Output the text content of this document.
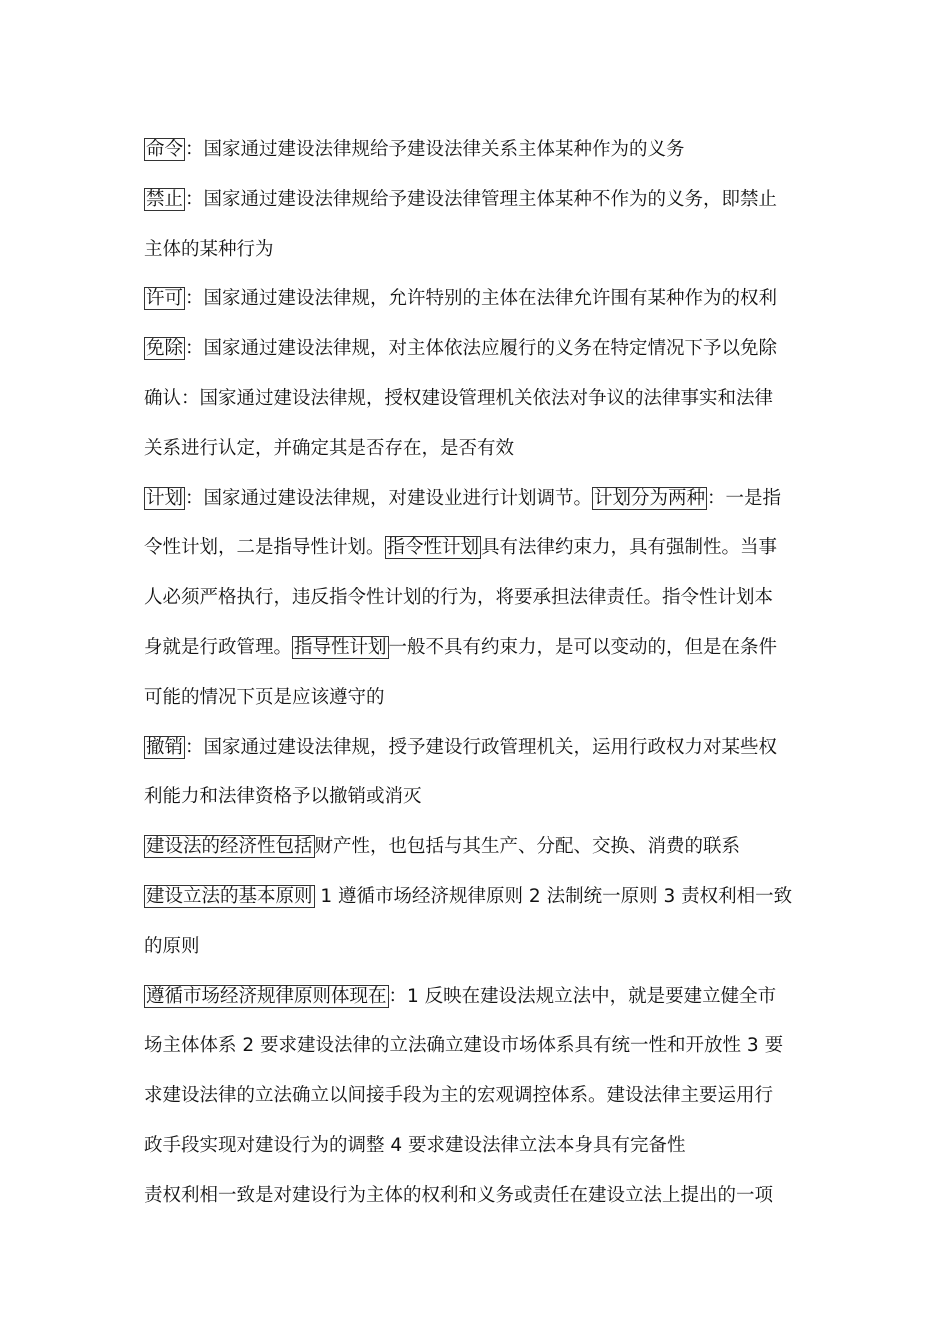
命令 ：国家通过建设法律规给予建设法律关系主体某种作为的义务
禁止 ：国家通过建设法律规给予建设法律管理主体某种不作为的义务，即禁止
主体的某种行为
许可 ：国家通过建设法律规，允许特别的主体在法律允许围有某种作为的权利
免除 ：国家通过建设法律规，对主体依法应履行的义务在特定情况下予以免除
确认：国家通过建设法律规，授权建设管理机关依法对争议的法律事实和法律
关系进行认定，并确定其是否存在，是否有效
计划 ：国家通过建设法律规，对建设业进行计划调节。 计划分为两种 ：一是指
令性计划，二是指导性计划。 指令性计划 具有法律约束力，具有强制性。当事
人必须严格执行，违反指令性计划的行为，将要承担法律责任。指令性计划本
身就是行政管理。 指导性计划 一般不具有约束力，是可以变动的，但是在条件
可能的情况下页是应该遵守的
撤销 ：国家通过建设法律规，授予建设行政管理机关，运用行政权力对某些权
利能力和法律资格予以撤销或消灭
建设法的经济性包括 财产性，也包括与其生产、分配、交换、消费的联系
建设立法的基本原则 1 遵循市场经济规律原则 2 法制统一原则 3 责权利相一致
的原则
遵循市场经济规律原则体现在 ：1 反映在建设法规立法中，就是要建立健全市
场主体体系 2 要求建设法律的立法确立建设市场体系具有统一性和开放性 3 要
求建设法律的立法确立以间接手段为主的宏观调控体系。建设法律主要运用行
政手段实现对建设行为的调整 4 要求建设法律立法本身具有完备性
责权利相一致是对建设行为主体的权利和义务或责任在建设立法上提出的一项
